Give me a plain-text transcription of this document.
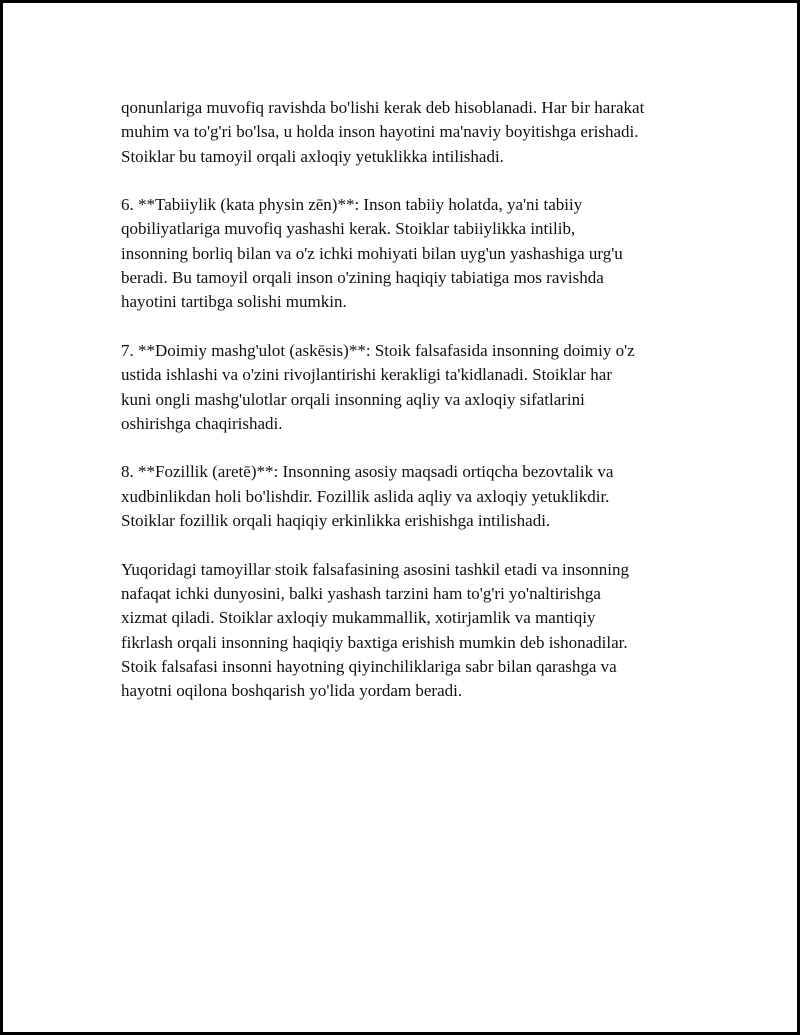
qonunlariga muvofiq ravishda bo'lishi kerak deb hisoblanadi. Har bir harakat
muhim va to'g'ri bo'lsa, u holda inson hayotini ma'naviy boyitishga erishadi.
Stoiklar bu tamoyil orqali axloqiy yetuklikka intilishadi.

6. **Tabiiylik (kata physin zēn)**: Inson tabiiy holatda, ya'ni tabiiy
qobiliyatlariga muvofiq yashashi kerak. Stoiklar tabiiylikka intilib,
insonning borliq bilan va o'z ichki mohiyati bilan uyg'un yashashiga urg'u
beradi. Bu tamoyil orqali inson o'zining haqiqiy tabiatiga mos ravishda
hayotini tartibga solishi mumkin.

7. **Doimiy mashg'ulot (askēsis)**: Stoik falsafasida insonning doimiy o'z
ustida ishlashi va o'zini rivojlantirishi kerakligi ta'kidlanadi. Stoiklar har
kuni ongli mashg'ulotlar orqali insonning aqliy va axloqiy sifatlarini
oshirishga chaqirishadi.

8. **Fozillik (aretē)**: Insonning asosiy maqsadi ortiqcha bezovtalik va
xudbinlikdan holi bo'lishdir. Fozillik aslida aqliy va axloqiy yetuklikdir.
Stoiklar fozillik orqali haqiqiy erkinlikka erishishga intilishadi.

Yuqoridagi tamoyillar stoik falsafasining asosini tashkil etadi va insonning
nafaqat ichki dunyosini, balki yashash tarzini ham to'g'ri yo'naltirishga
xizmat qiladi. Stoiklar axloqiy mukammallik, xotirjamlik va mantiqiy
fikrlash orqali insonning haqiqiy baxtiga erishish mumkin deb ishonadilar.
Stoik falsafasi insonni hayotning qiyinchiliklariga sabr bilan qarashga va
hayotni oqilona boshqarish yo'lida yordam beradi.
